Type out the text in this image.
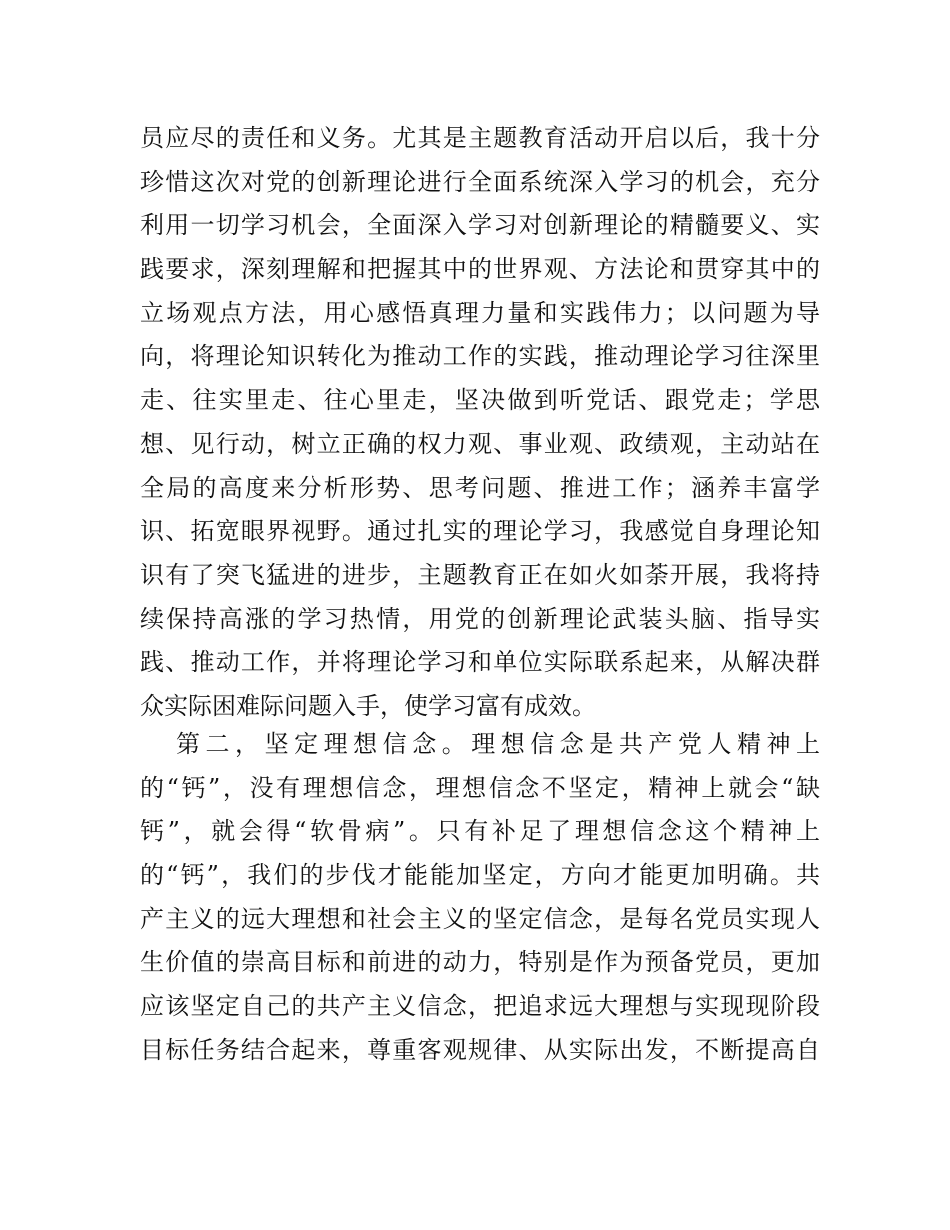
员应尽的责任和义务。尤其是主题教育活动开启以后，我十分
珍惜这次对党的创新理论进行全面系统深入学习的机会，充分
利用一切学习机会，全面深入学习对创新理论的精髓要义、实
践要求，深刻理解和把握其中的世界观、方法论和贯穿其中的
立场观点方法，用心感悟真理力量和实践伟力；以问题为导
向，将理论知识转化为推动工作的实践，推动理论学习往深里
走、往实里走、往心里走，坚决做到听党话、跟党走；学思
想、见行动，树立正确的权力观、事业观、政绩观，主动站在
全局的高度来分析形势、思考问题、推进工作；涵养丰富学
识、拓宽眼界视野。通过扎实的理论学习，我感觉自身理论知
识有了突飞猛进的进步，主题教育正在如火如荼开展，我将持
续保持高涨的学习热情，用党的创新理论武装头脑、指导实
践、推动工作，并将理论学习和单位实际联系起来，从解决群
众实际困难际问题入手，使学习富有成效。
第二，坚定理想信念。理想信念是共产党人精神上
的“钙”，没有理想信念，理想信念不坚定，精神上就会“缺
钙”，就会得“软骨病”。只有补足了理想信念这个精神上
的“钙”，我们的步伐才能能加坚定，方向才能更加明确。共
产主义的远大理想和社会主义的坚定信念，是每名党员实现人
生价值的崇高目标和前进的动力，特别是作为预备党员，更加
应该坚定自己的共产主义信念，把追求远大理想与实现现阶段
目标任务结合起来，尊重客观规律、从实际出发，不断提高自
